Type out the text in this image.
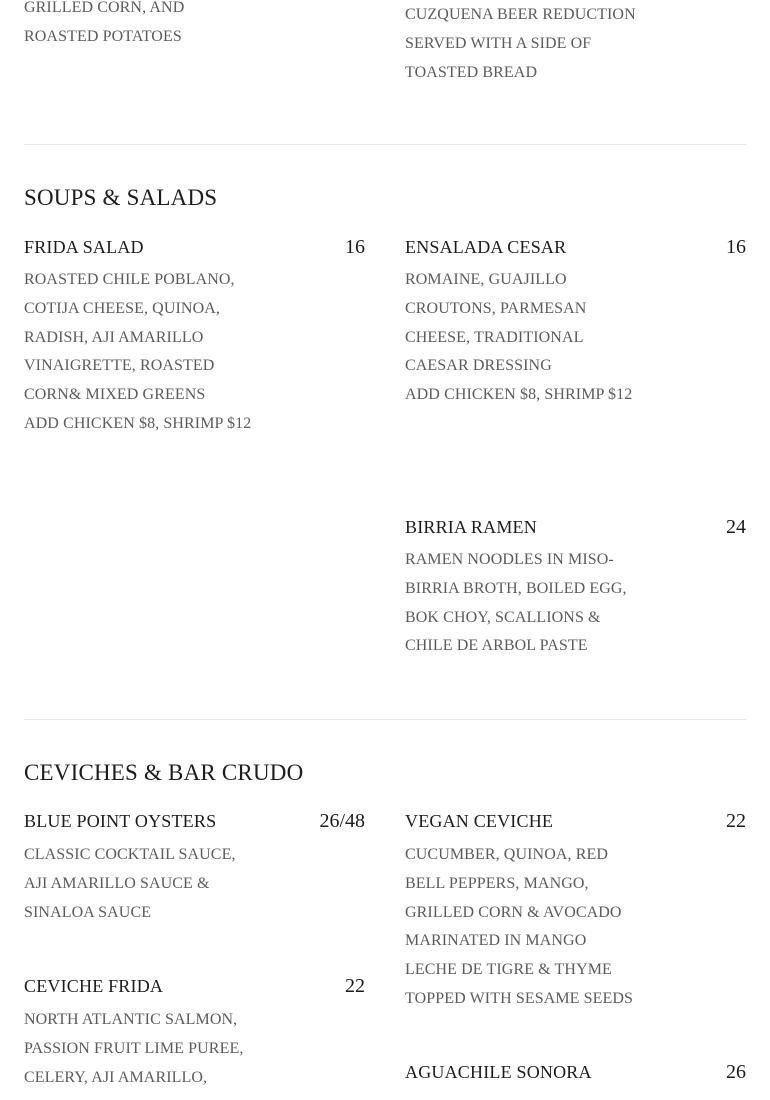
GRILLED CORN, AND
ROASTED POTATOES
CUZQUENA BEER REDUCTION
SERVED WITH A SIDE OF
TOASTED BREAD
SOUPS & SALADS
FRIDA SALAD	16
ROASTED CHILE POBLANO,
COTIJA CHEESE, QUINOA,
RADISH, AJI AMARILLO
VINAIGRETTE, ROASTED
CORN& MIXED GREENS
ADD CHICKEN $8, SHRIMP $12
ENSALADA CESAR	16
ROMAINE, GUAJILLO
CROUTONS, PARMESAN
CHEESE, TRADITIONAL
CAESAR DRESSING
ADD CHICKEN $8, SHRIMP $12
BIRRIA RAMEN	24
RAMEN NOODLES IN MISO-
BIRRIA BROTH, BOILED EGG,
BOK CHOY, SCALLIONS &
CHILE DE ARBOL PASTE
CEVICHES & BAR CRUDO
BLUE POINT OYSTERS	26/48
CLASSIC COCKTAIL SAUCE,
AJI AMARILLO SAUCE &
SINALOA SAUCE
VEGAN CEVICHE	22
CUCUMBER, QUINOA, RED
BELL PEPPERS, MANGO,
GRILLED CORN & AVOCADO
MARINATED IN MANGO
LECHE DE TIGRE & THYME
TOPPED WITH SESAME SEEDS
CEVICHE FRIDA	22
NORTH ATLANTIC SALMON,
PASSION FRUIT LIME PUREE,
CELERY, AJI AMARILLO,	AGUACHILE SONORA	26
